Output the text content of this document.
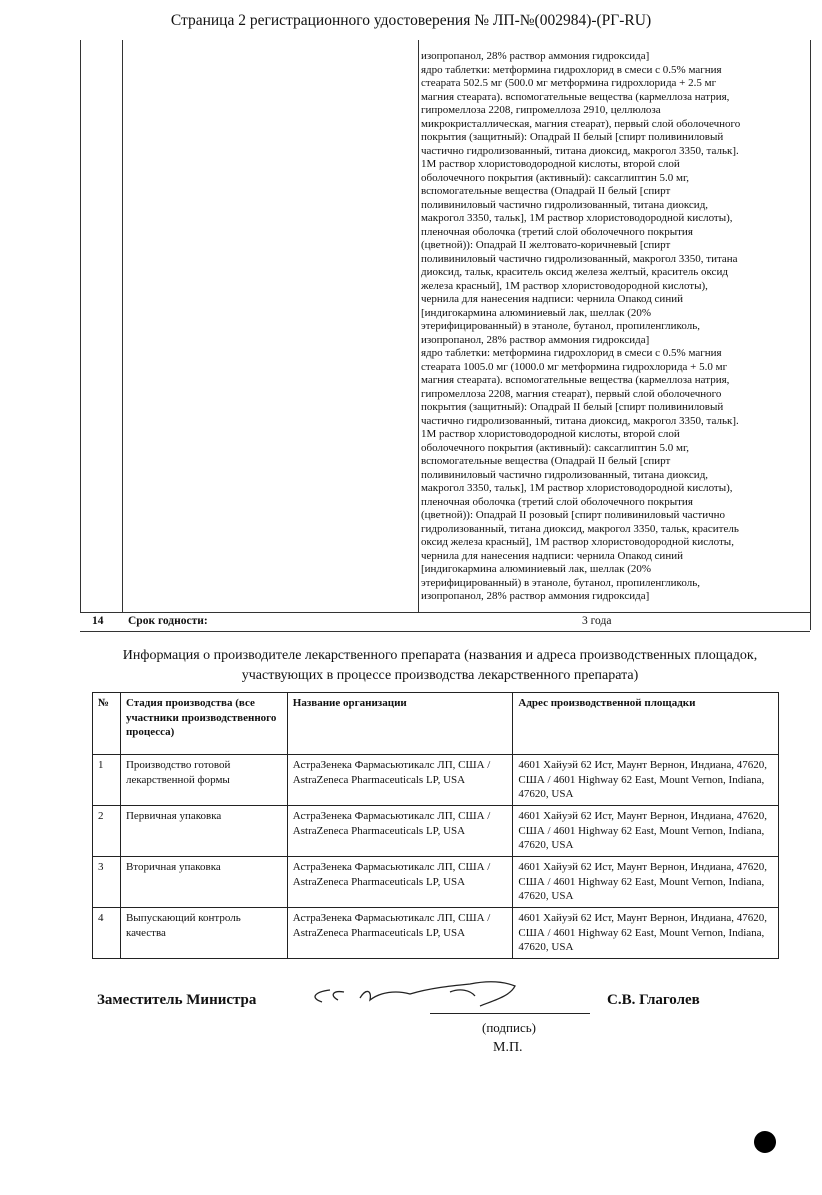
Страница 2 регистрационного удостоверения № ЛП-№(002984)-(РГ-RU)
изопропанол, 28% раствор аммония гидроксида]
ядро таблетки: метформина гидрохлорид в смеси с 0.5% магния
стеарата 502.5 мг (500.0 мг метформина гидрохлорида + 2.5 мг
магния стеарата). вспомогательные вещества (кармеллоза натрия,
гипромеллоза 2208, гипромеллоза 2910, целлюлоза
микрокристаллическая, магния стеарат), первый слой оболочечного
покрытия (защитный): Опадрай II белый [спирт поливиниловый
частично гидролизованный, титана диоксид, макрогол 3350, тальк].
1М раствор хлористоводородной кислоты, второй слой
оболочечного покрытия (активный): саксаглиптин 5.0 мг,
вспомогательные вещества (Опадрай II белый [спирт
поливиниловый частично гидролизованный, титана диоксид,
макрогол 3350, тальк], 1М раствор хлористоводородной кислоты),
пленочная оболочка (третий слой оболочечного покрытия
(цветной)): Опадрай II желтовато-коричневый [спирт
поливиниловый частично гидролизованный, макрогол 3350, титана
диоксид, тальк, краситель оксид железа желтый, краситель оксид
железа красный], 1М раствор хлористоводородной кислоты),
чернила для нанесения надписи: чернила Опакод синий
[индигокармина алюминиевый лак, шеллак (20%
этерифицированный) в этаноле, бутанол, пропиленгликоль,
изопропанол, 28% раствор аммония гидроксида]
ядро таблетки: метформина гидрохлорид в смеси с 0.5% магния
стеарата 1005.0 мг (1000.0 мг метформина гидрохлорида + 5.0 мг
магния стеарата). вспомогательные вещества (кармеллоза натрия,
гипромеллоза 2208, магния стеарат), первый слой оболочечного
покрытия (защитный): Опадрай II белый [спирт поливиниловый
частично гидролизованный, титана диоксид, макрогол 3350, тальк].
1М раствор хлористоводородной кислоты, второй слой
оболочечного покрытия (активный): саксаглиптин 5.0 мг,
вспомогательные вещества (Опадрай II белый [спирт
поливиниловый частично гидролизованный, титана диоксид,
макрогол 3350, тальк], 1М раствор хлористоводородной кислоты),
пленочная оболочка (третий слой оболочечного покрытия
(цветной)): Опадрай II розовый [спирт поливиниловый частично
гидролизованный, титана диоксид, макрогол 3350, тальк, краситель
оксид железа красный], 1М раствор хлористоводородной кислоты,
чернила для нанесения надписи: чернила Опакод синий
[индигокармина алюминиевый лак, шеллак (20%
этерифицированный) в этаноле, бутанол, пропиленгликоль,
изопропанол, 28% раствор аммония гидроксида]
14 Срок годности:	3 года
Информация о производителе лекарственного препарата (названия и адреса производственных площадок, участвующих в процессе производства лекарственного препарата)
№	Стадия производства (все участники производственного процесса)	Название организации	Адрес производственной площадки
1	Производство готовой лекарственной формы	АстраЗенека Фармасьютикалс ЛП, США / AstraZeneca Pharmaceuticals LP, USA	4601 Хайуэй 62 Ист, Маунт Вернон, Индиана, 47620, США / 4601 Highway 62 East, Mount Vernon, Indiana, 47620, USA
2	Первичная упаковка	АстраЗенека Фармасьютикалс ЛП, США / AstraZeneca Pharmaceuticals LP, USA	4601 Хайуэй 62 Ист, Маунт Вернон, Индиана, 47620, США / 4601 Highway 62 East, Mount Vernon, Indiana, 47620, USA
3	Вторичная упаковка	АстраЗенека Фармасьютикалс ЛП, США / AstraZeneca Pharmaceuticals LP, USA	4601 Хайуэй 62 Ист, Маунт Вернон, Индиана, 47620, США / 4601 Highway 62 East, Mount Vernon, Indiana, 47620, USA
4	Выпускающий контроль качества	АстраЗенека Фармасьютикалс ЛП, США / AstraZeneca Pharmaceuticals LP, USA	4601 Хайуэй 62 Ист, Маунт Вернон, Индиана, 47620, США / 4601 Highway 62 East, Mount Vernon, Indiana, 47620, USA
Заместитель Министра	С.В. Глаголев
(подпись)
М.П.
